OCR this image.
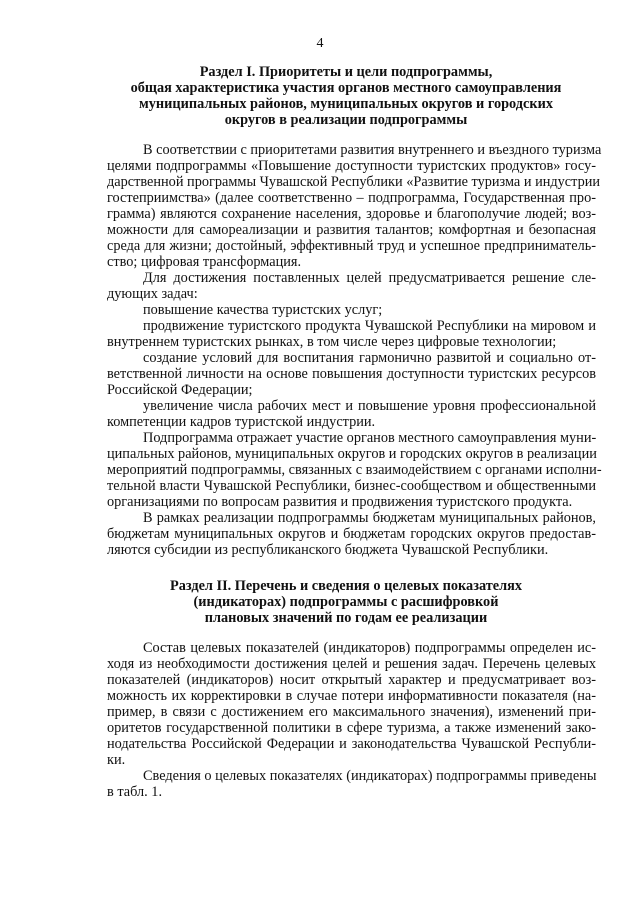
4
Раздел I. Приоритеты и цели подпрограммы,
общая характеристика участия органов местного самоуправления
муниципальных районов, муниципальных округов и городских
округов в реализации подпрограммы
В соответствии с приоритетами развития внутреннего и въездного туризма
целями подпрограммы «Повышение доступности туристских продуктов» госу-
дарственной программы Чувашской Республики «Развитие туризма и индустрии
гостеприимства» (далее соответственно – подпрограмма, Государственная про-
грамма) являются сохранение населения, здоровье и благополучие людей; воз-
можности для самореализации и развития талантов; комфортная и безопасная
среда для жизни; достойный, эффективный труд и успешное предприниматель-
ство; цифровая трансформация.
Для достижения поставленных целей предусматривается решение сле-
дующих задач:
повышение качества туристских услуг;
продвижение туристского продукта Чувашской Республики на мировом и
внутреннем туристских рынках, в том числе через цифровые технологии;
создание условий для воспитания гармонично развитой и социально от-
ветственной личности на основе повышения доступности туристских ресурсов
Российской Федерации;
увеличение числа рабочих мест и повышение уровня профессиональной
компетенции кадров туристской индустрии.
Подпрограмма отражает участие органов местного самоуправления муни-
ципальных районов, муниципальных округов и городских округов в реализации
мероприятий подпрограммы, связанных с взаимодействием с органами исполни-
тельной власти Чувашской Республики, бизнес-сообществом и общественными
организациями по вопросам развития и продвижения туристского продукта.
В рамках реализации подпрограммы бюджетам муниципальных районов,
бюджетам муниципальных округов и бюджетам городских округов предостав-
ляются субсидии из республиканского бюджета Чувашской Республики.
Раздел II. Перечень и сведения о целевых показателях
(индикаторах) подпрограммы с расшифровкой
плановых значений по годам ее реализации
Состав целевых показателей (индикаторов) подпрограммы определен ис-
ходя из необходимости достижения целей и решения задач. Перечень целевых
показателей (индикаторов) носит открытый характер и предусматривает воз-
можность их корректировки в случае потери информативности показателя (на-
пример, в связи с достижением его максимального значения), изменений при-
оритетов государственной политики в сфере туризма, а также изменений зако-
нодательства Российской Федерации и законодательства Чувашской Республи-
ки.
Сведения о целевых показателях (индикаторах) подпрограммы приведены
в табл. 1.
